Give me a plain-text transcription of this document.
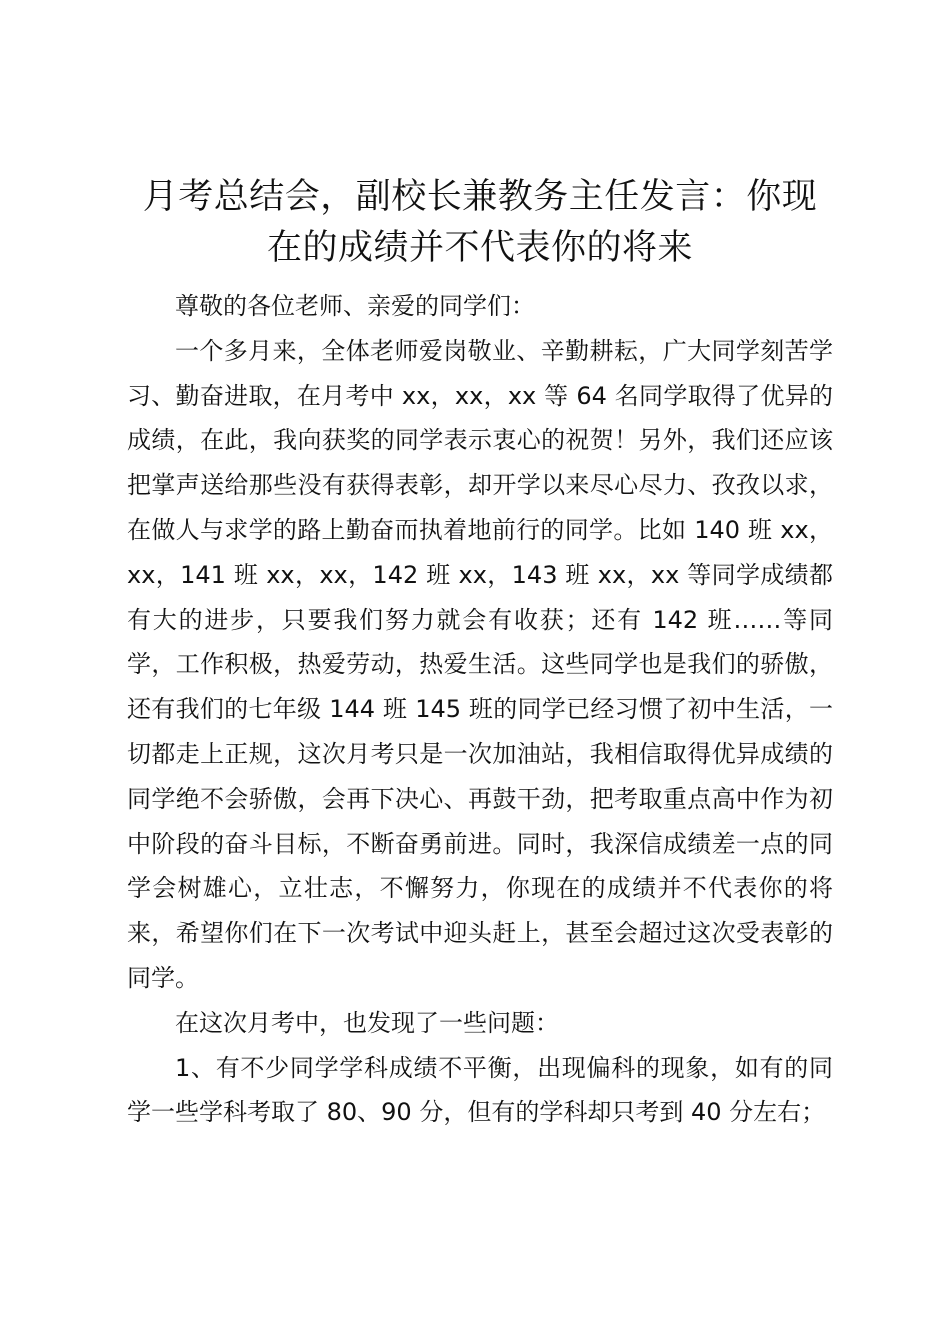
月考总结会，副校长兼教务主任发言：你现在的成绩并不代表你的将来

尊敬的各位老师、亲爱的同学们：

一个多月来，全体老师爱岗敬业、辛勤耕耘，广大同学刻苦学习、勤奋进取，在月考中 xx，xx，xx 等 64 名同学取得了优异的成绩，在此，我向获奖的同学表示衷心的祝贺！另外，我们还应该把掌声送给那些没有获得表彰，却开学以来尽心尽力、孜孜以求，在做人与求学的路上勤奋而执着地前行的同学。比如 140 班 xx，xx，141 班 xx，xx，142 班 xx，143 班 xx，xx 等同学成绩都有大的进步，只要我们努力就会有收获；还有 142 班……等同学，工作积极，热爱劳动，热爱生活。这些同学也是我们的骄傲，还有我们的七年级 144 班 145 班的同学已经习惯了初中生活，一切都走上正规，这次月考只是一次加油站，我相信取得优异成绩的同学绝不会骄傲，会再下决心、再鼓干劲，把考取重点高中作为初中阶段的奋斗目标，不断奋勇前进。同时，我深信成绩差一点的同学会树雄心，立壮志，不懈努力，你现在的成绩并不代表你的将来，希望你们在下一次考试中迎头赶上，甚至会超过这次受表彰的同学。

在这次月考中，也发现了一些问题：

1、有不少同学学科成绩不平衡，出现偏科的现象，如有的同学一些学科考取了 80、90 分，但有的学科却只考到 40 分左右；
